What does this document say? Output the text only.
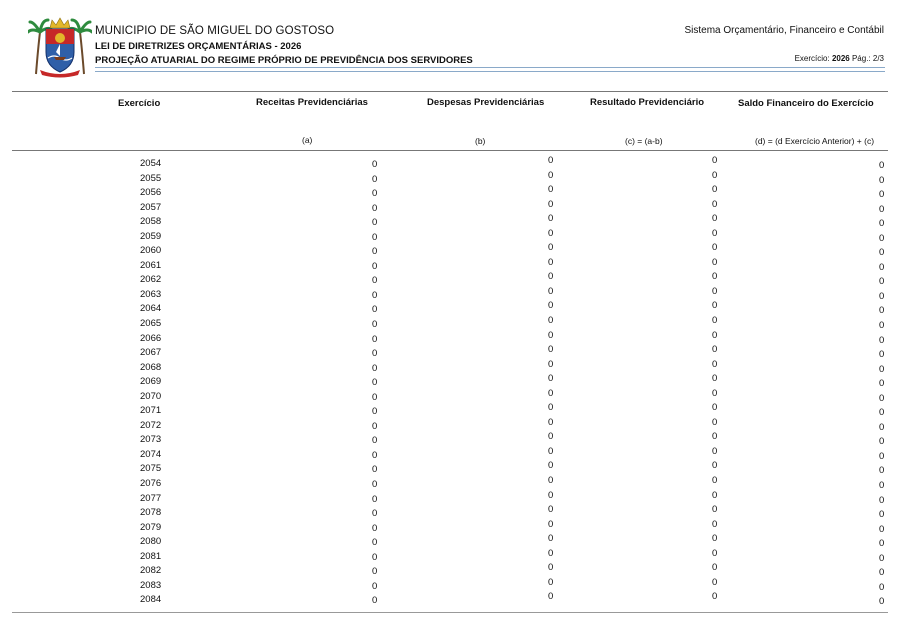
MUNICIPIO DE SÃO MIGUEL DO GOSTOSO
LEI DE DIRETRIZES ORÇAMENTÁRIAS - 2026
PROJEÇÃO ATUARIAL DO REGIME PRÓPRIO DE PREVIDÊNCIA DOS SERVIDORES
Sistema Orçamentário, Financeiro e Contábil
Exercício: 2026 Pág.: 2/3
Exercício	Receitas Previdenciárias	Despesas Previdenciárias	Resultado Previdenciário	Saldo Financeiro do Exercício
(a)	(b)	(c) = (a-b)	(d) = (d Exercício Anterior) + (c)
2054	0	0	0	0
2055	0	0	0	0
2056	0	0	0	0
2057	0	0	0	0
2058	0	0	0	0
2059	0	0	0	0
2060	0	0	0	0
2061	0	0	0	0
2062	0	0	0	0
2063	0	0	0	0
2064	0	0	0	0
2065	0	0	0	0
2066	0	0	0	0
2067	0	0	0	0
2068	0	0	0	0
2069	0	0	0	0
2070	0	0	0	0
2071	0	0	0	0
2072	0	0	0	0
2073	0	0	0	0
2074	0	0	0	0
2075	0	0	0	0
2076	0	0	0	0
2077	0	0	0	0
2078	0	0	0	0
2079	0	0	0	0
2080	0	0	0	0
2081	0	0	0	0
2082	0	0	0	0
2083	0	0	0	0
2084	0	0	0	0
